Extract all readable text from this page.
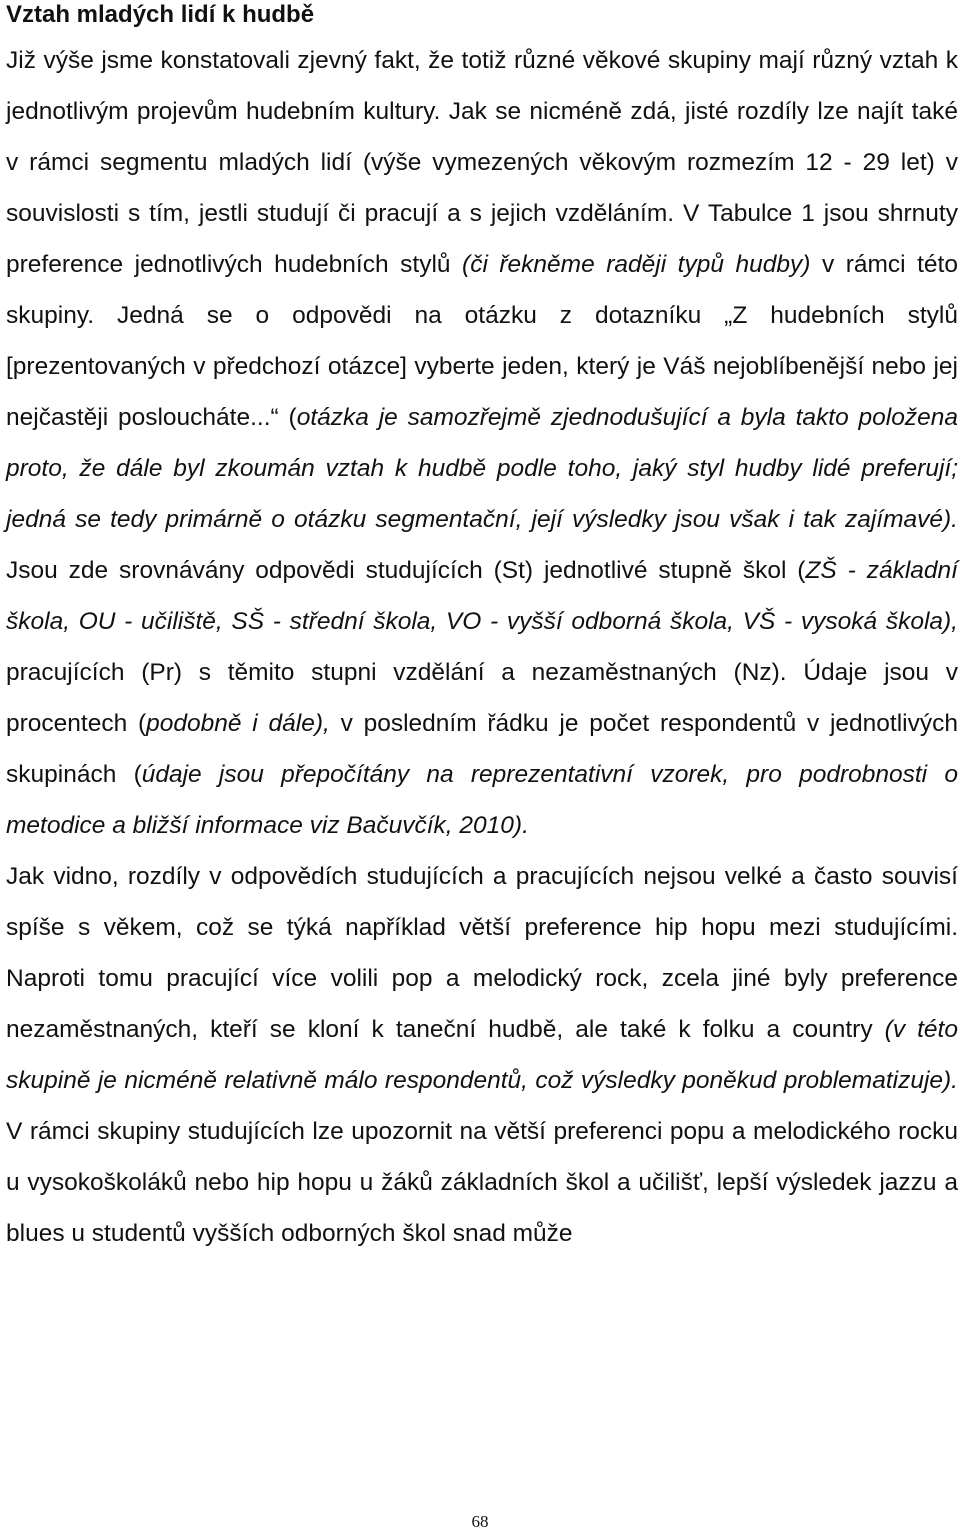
Vztah mladých lidí k hudbě

Již výše jsme konstatovali zjevný fakt, že totiž různé věkové skupiny mají různý vztah k jednotlivým projevům hudebním kultury. Jak se nicméně zdá, jisté rozdíly lze najít také v rámci segmentu mladých lidí (výše vymezených věkovým rozmezím 12 - 29 let) v souvislosti s tím, jestli studují či pracují a s jejich vzděláním. V Tabulce 1 jsou shrnuty preference jednotlivých hudebních stylů (či řekněme raději typů hudby) v rámci této skupiny. Jedná se o odpovědi na otázku z dotazníku „Z hudebních stylů [prezentovaných v předchozí otázce] vyberte jeden, který je Váš nejoblíbenější nebo jej nejčastěji posloucháte...“ (otázka je samozřejmě zjednodušující a byla takto položena proto, že dále byl zkoumán vztah k hudbě podle toho, jaký styl hudby lidé preferují; jedná se tedy primárně o otázku segmentační, její výsledky jsou však i tak zajímavé). Jsou zde srovnávány odpovědi studujících (St) jednotlivé stupně škol (ZŠ - základní škola, OU - učiliště, SŠ - střední škola, VO - vyšší odborná škola, VŠ - vysoká škola), pracujících (Pr) s těmito stupni vzdělání a nezaměstnaných (Nz). Údaje jsou v procentech (podobně i dále), v posledním řádku je počet respondentů v jednotlivých skupinách (údaje jsou přepočítány na reprezentativní vzorek, pro podrobnosti o metodice a bližší informace viz Bačuvčík, 2010).

Jak vidno, rozdíly v odpovědích studujících a pracujících nejsou velké a často souvisí spíše s věkem, což se týká například větší preference hip hopu mezi studujícími. Naproti tomu pracující více volili pop a melodický rock, zcela jiné byly preference nezaměstnaných, kteří se kloní k taneční hudbě, ale také k folku a country (v této skupině je nicméně relativně málo respondentů, což výsledky poněkud problematizuje). V rámci skupiny studujících lze upozornit na větší preferenci popu a melodického rocku u vysokoškoláků nebo hip hopu u žáků základních škol a učilišť, lepší výsledek jazzu a blues u studentů vyšších odborných škol snad může

68
